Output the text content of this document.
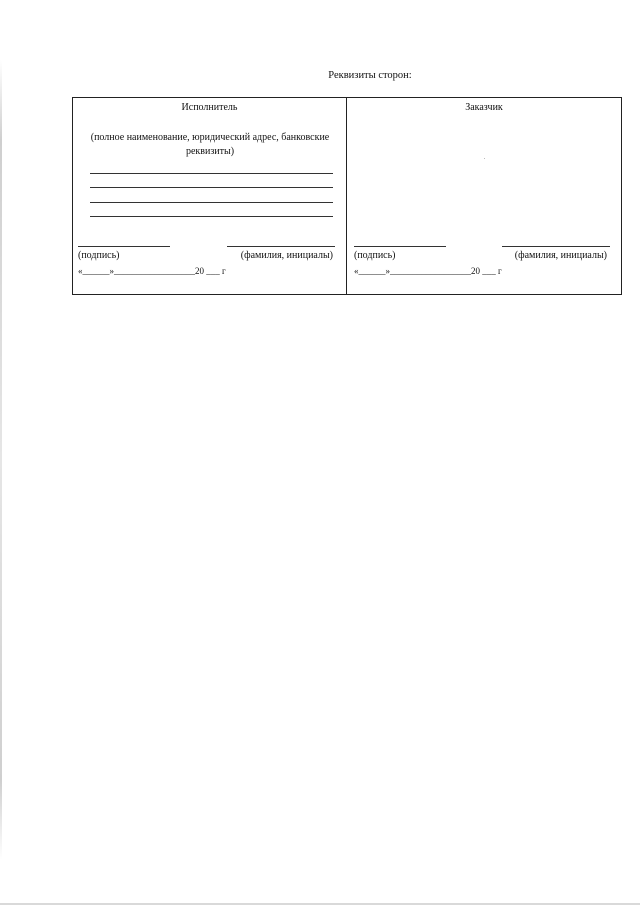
Реквизиты сторон:
Исполнитель
(полное наименование, юридический адрес, банковские реквизиты)
(подпись)	(фамилия, инициалы)
«______»__________________20 ___ г
Заказчик
(подпись)	(фамилия, инициалы)
«______»__________________20 ___ г
